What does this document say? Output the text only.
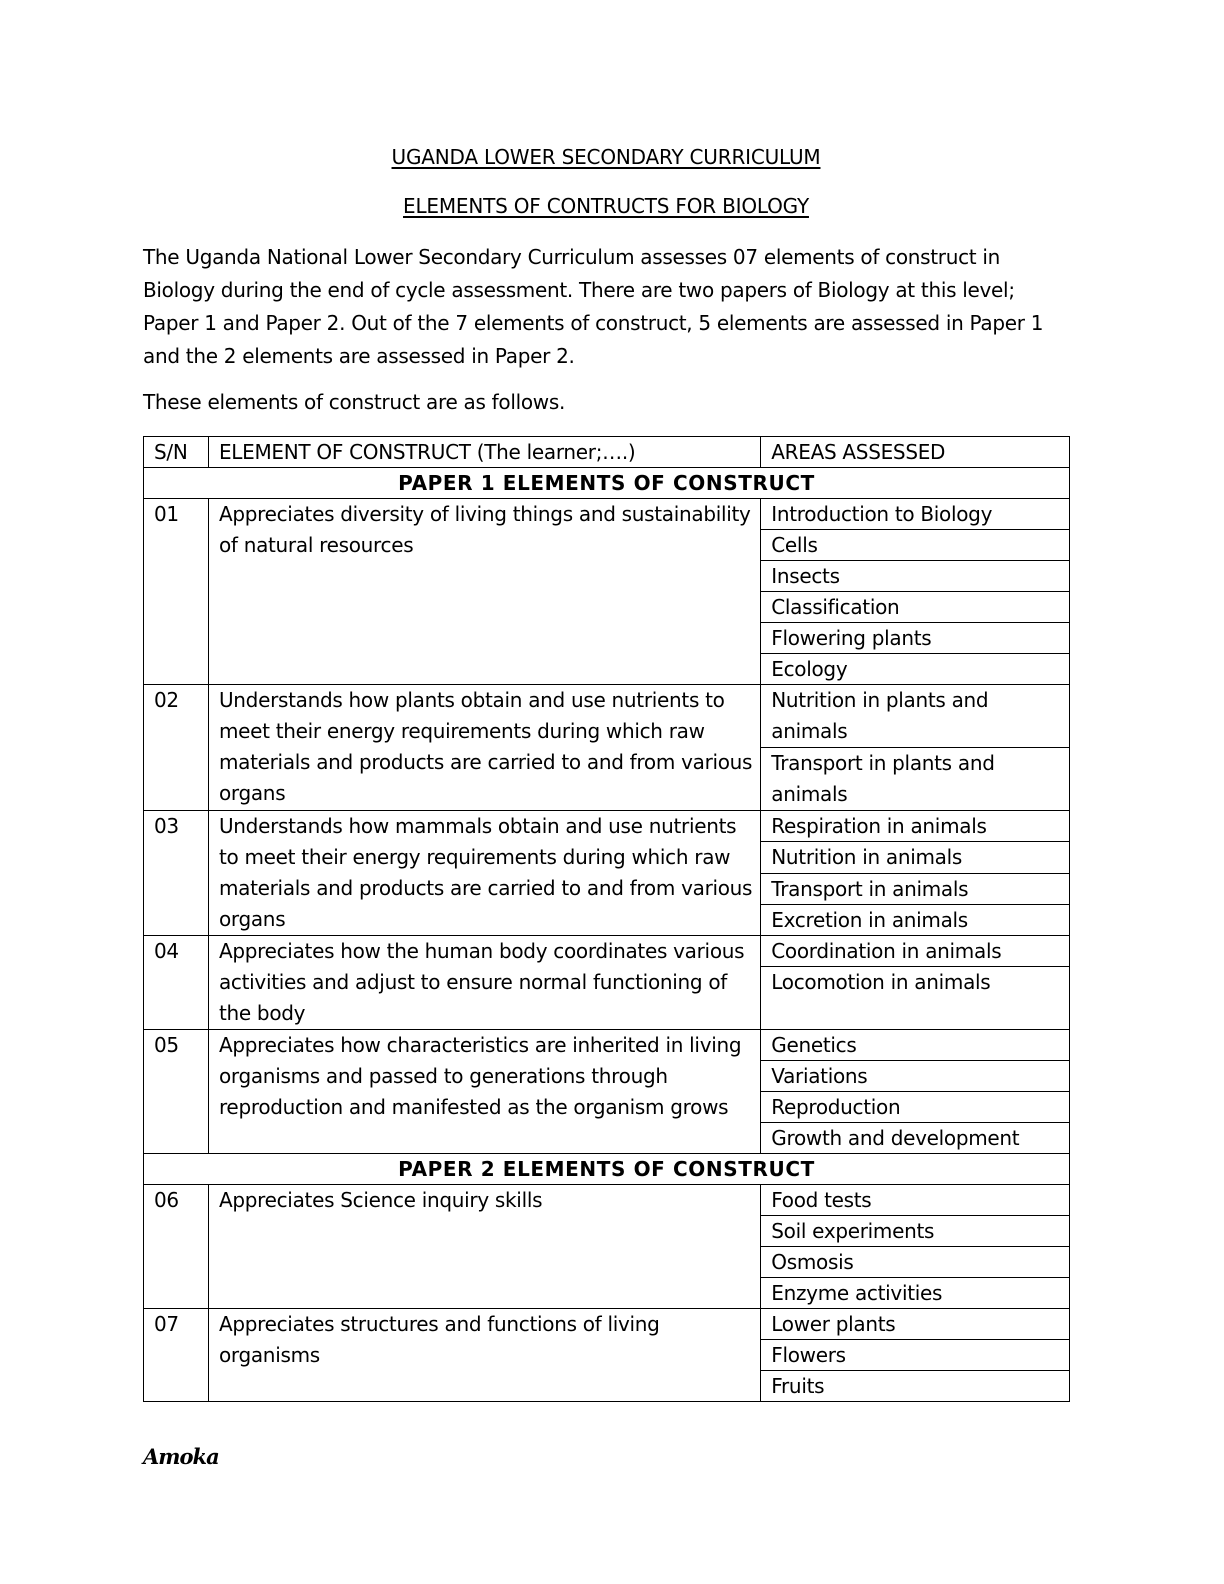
UGANDA LOWER SECONDARY CURRICULUM
ELEMENTS OF CONTRUCTS FOR BIOLOGY

The Uganda National Lower Secondary Curriculum assesses 07 elements of construct in Biology during the end of cycle assessment. There are two papers of Biology at this level; Paper 1 and Paper 2. Out of the 7 elements of construct, 5 elements are assessed in Paper 1 and the 2 elements are assessed in Paper 2.

These elements of construct are as follows.

S/N	ELEMENT OF CONSTRUCT (The learner;….)	AREAS ASSESSED
PAPER 1 ELEMENTS OF CONSTRUCT		
01	Appreciates diversity of living things and sustainability of natural resources	Introduction to Biology
		Cells
		Insects
		Classification
		Flowering plants
		Ecology
02	Understands how plants obtain and use nutrients to meet their energy requirements during which raw materials and products are carried to and from various organs	Nutrition in plants and animals
		Transport in plants and animals
03	Understands how mammals obtain and use nutrients to meet their energy requirements during which raw materials and products are carried to and from various organs	Respiration in animals
		Nutrition in animals
		Transport in animals
		Excretion in animals
04	Appreciates how the human body coordinates various activities and adjust to ensure normal functioning of the body	Coordination in animals
		Locomotion in animals
05	Appreciates how characteristics are inherited in living organisms and passed to generations through reproduction and manifested as the organism grows	Genetics
		Variations
		Reproduction
		Growth and development
PAPER 2 ELEMENTS OF CONSTRUCT		
06	Appreciates Science inquiry skills	Food tests
		Soil experiments
		Osmosis
		Enzyme activities
07	Appreciates structures and functions of living organisms	Lower plants
		Flowers
		Fruits
Amoka
